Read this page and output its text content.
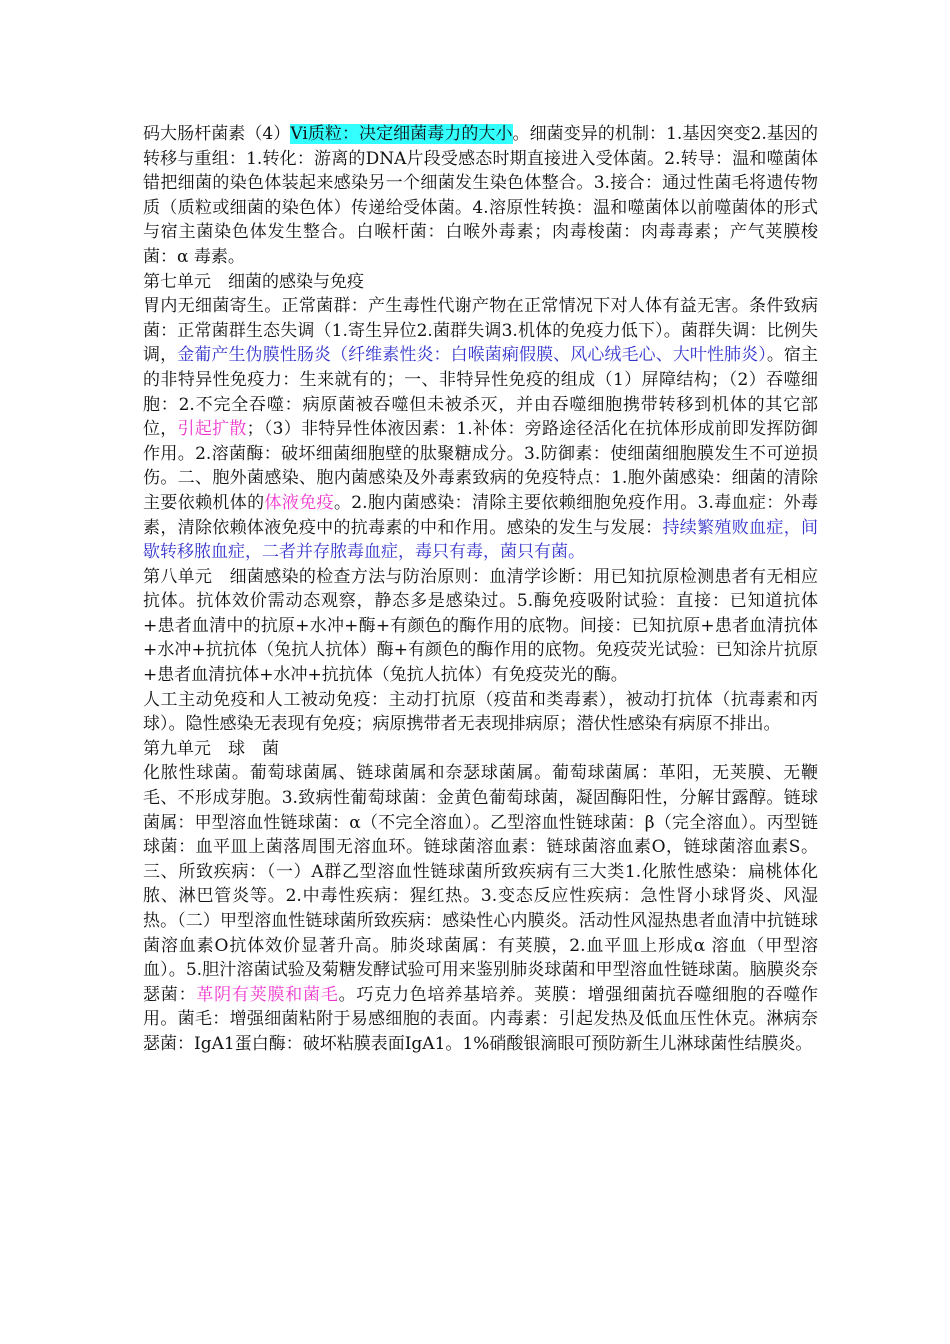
码大肠杆菌素（4）Vi质粒：决定细菌毒力的大小。细菌变异的机制：1.基因突变2.基因的转移与重组：1.转化：游离的DNA片段受感态时期直接进入受体菌。2.转导：温和噬菌体错把细菌的染色体装起来感染另一个细菌发生染色体整合。3.接合：通过性菌毛将遗传物质（质粒或细菌的染色体）传递给受体菌。4.溶原性转换：温和噬菌体以前噬菌体的形式与宿主菌染色体发生整合。白喉杆菌：白喉外毒素；肉毒梭菌：肉毒毒素；产气荚膜梭菌：α 毒素。

第七单元　细菌的感染与免疫

胃内无细菌寄生。正常菌群：产生毒性代谢产物在正常情况下对人体有益无害。条件致病菌：正常菌群生态失调（1.寄生异位2.菌群失调3.机体的免疫力低下）。菌群失调：比例失调，金葡产生伪膜性肠炎（纤维素性炎：白喉菌痢假膜、风心绒毛心、大叶性肺炎）。宿主的非特异性免疫力：生来就有的；一、非特异性免疫的组成（1）屏障结构；（2）吞噬细胞：2.不完全吞噬：病原菌被吞噬但未被杀灭，并由吞噬细胞携带转移到机体的其它部位，引起扩散；（3）非特异性体液因素：1.补体：旁路途径活化在抗体形成前即发挥防御作用。2.溶菌酶：破坏细菌细胞壁的肽聚糖成分。3.防御素：使细菌细胞膜发生不可逆损伤。二、胞外菌感染、胞内菌感染及外毒素致病的免疫特点：1.胞外菌感染：细菌的清除主要依赖机体的体液免疫。2.胞内菌感染：清除主要依赖细胞免疫作用。3.毒血症：外毒素，清除依赖体液免疫中的抗毒素的中和作用。感染的发生与发展：持续繁殖败血症，间歇转移脓血症，二者并存脓毒血症，毒只有毒，菌只有菌。

第八单元　细菌感染的检查方法与防治原则：血清学诊断：用已知抗原检测患者有无相应抗体。抗体效价需动态观察，静态多是感染过。5.酶免疫吸附试验：直接：已知道抗体+患者血清中的抗原+水冲+酶+有颜色的酶作用的底物。间接：已知抗原+患者血清抗体+水冲+抗抗体（兔抗人抗体）酶+有颜色的酶作用的底物。免疫荧光试验：已知涂片抗原+患者血清抗体+水冲+抗抗体（兔抗人抗体）有免疫荧光的酶。

人工主动免疫和人工被动免疫：主动打抗原（疫苗和类毒素），被动打抗体（抗毒素和丙球）。隐性感染无表现有免疫；病原携带者无表现排病原；潜伏性感染有病原不排出。

第九单元　球　菌

化脓性球菌。葡萄球菌属、链球菌属和奈瑟球菌属。葡萄球菌属：革阳，无荚膜、无鞭毛、不形成芽胞。3.致病性葡萄球菌：金黄色葡萄球菌，凝固酶阳性，分解甘露醇。链球菌属：甲型溶血性链球菌：α（不完全溶血）。乙型溶血性链球菌：β（完全溶血）。丙型链球菌：血平皿上菌落周围无溶血环。链球菌溶血素：链球菌溶血素O，链球菌溶血素S。三、所致疾病：（一）A群乙型溶血性链球菌所致疾病有三大类1.化脓性感染：扁桃体化脓、淋巴管炎等。2.中毒性疾病：猩红热。3.变态反应性疾病：急性肾小球肾炎、风湿热。（二）甲型溶血性链球菌所致疾病：感染性心内膜炎。活动性风湿热患者血清中抗链球菌溶血素O抗体效价显著升高。肺炎球菌属：有荚膜，2.血平皿上形成α 溶血（甲型溶血）。5.胆汁溶菌试验及菊糖发酵试验可用来鉴别肺炎球菌和甲型溶血性链球菌。脑膜炎奈瑟菌：革阴有荚膜和菌毛。巧克力色培养基培养。荚膜：增强细菌抗吞噬细胞的吞噬作用。菌毛：增强细菌粘附于易感细胞的表面。内毒素：引起发热及低血压性休克。淋病奈瑟菌：IgA1蛋白酶：破坏粘膜表面IgA1。1%硝酸银滴眼可预防新生儿淋球菌性结膜炎。
